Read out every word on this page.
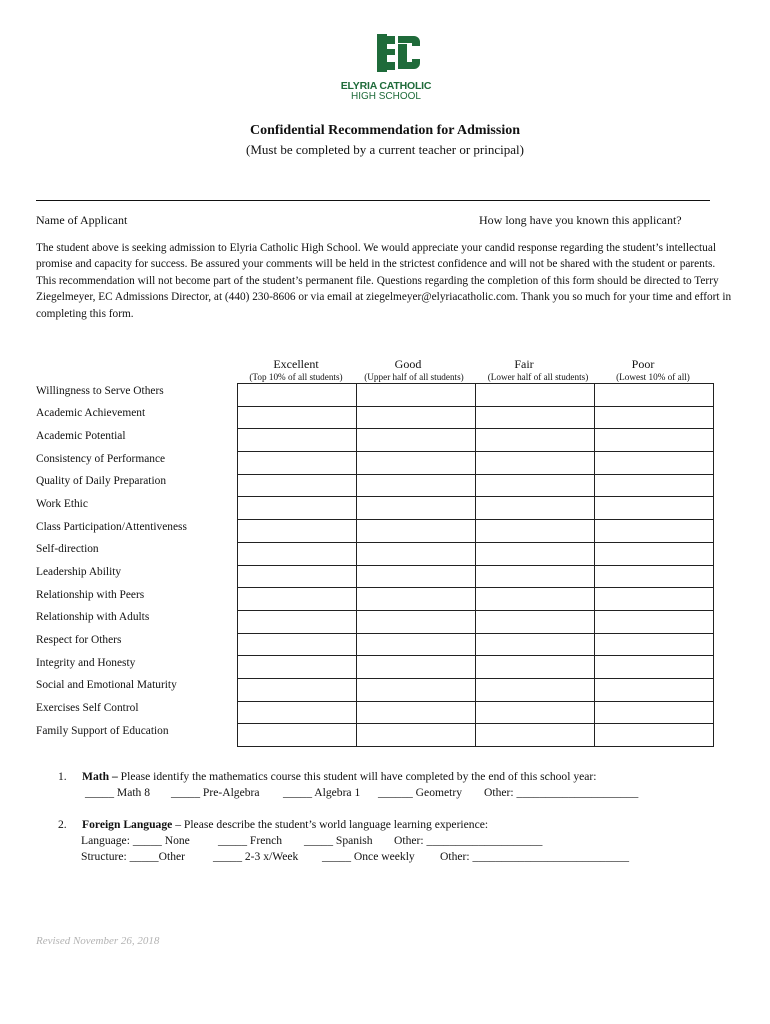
ELYRIA CATHOLIC
HIGH SCHOOL
Confidential Recommendation for Admission
(Must be completed by a current teacher or principal)
Name of Applicant	How long have you known this applicant?
The student above is seeking admission to Elyria Catholic High School. We would appreciate your candid response regarding the student’s intellectual promise and capacity for success. Be assured your comments will be held in the strictest confidence and will not be shared with the student or parents. This recommendation will not become part of the student’s permanent file. Questions regarding the completion of this form should be directed to Terry Ziegelmeyer, EC Admissions Director, at (440) 230-8606 or via email at ziegelmeyer@elyriacatholic.com. Thank you so much for your time and effort in completing this form.
Excellent	Good	Fair	Poor
(Top 10% of all students)	(Upper half of all students)	(Lower half of all students)	(Lowest 10% of all)
Willingness to Serve Others				
Academic Achievement				
Academic Potential				
Consistency of Performance				
Quality of Daily Preparation				
Work Ethic				
Class Participation/Attentiveness				
Self-direction				
Leadership Ability				
Relationship with Peers				
Relationship with Adults				
Respect for Others				
Integrity and Honesty				
Social and Emotional Maturity				
Exercises Self Control				
Family Support of Education				
1. Math – Please identify the mathematics course this student will have completed by the end of this school year:
_____ Math 8 _____ Pre-Algebra _____ Algebra 1 ______ Geometry Other: _____________________
2. Foreign Language – Please describe the student’s world language learning experience:
Language: _____ None _____ French _____ Spanish Other: ____________________
Structure: _____Other _____ 2-3 x/Week _____ Once weekly Other: ___________________________
Revised November 26, 2018
